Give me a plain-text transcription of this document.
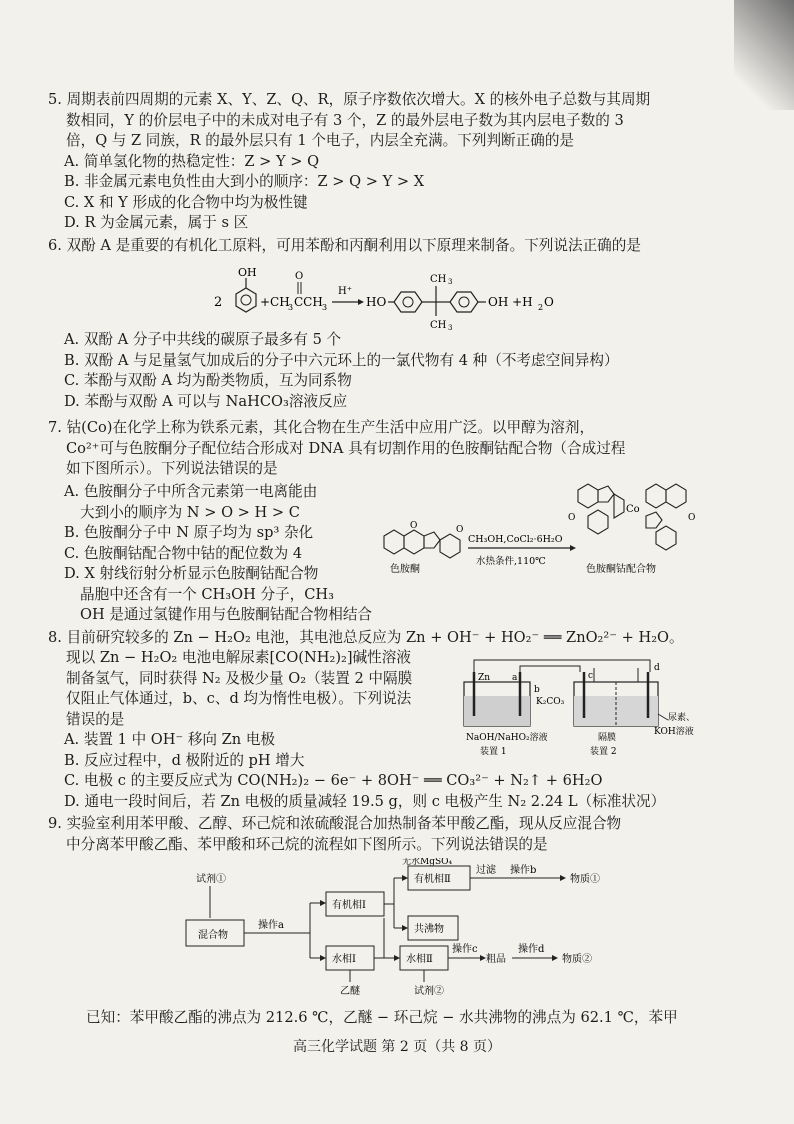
5. 周期表前四周期的元素 X、Y、Z、Q、R，原子序数依次增大。X 的核外电子总数与其周期

数相同，Y 的价层电子中的未成对电子有 3 个，Z 的最外层电子数为其内层电子数的 3

倍，Q 与 Z 同族，R 的最外层只有 1 个电子，内层全充满。下列判断正确的是

A. 简单氢化物的热稳定性：Z > Y > Q

B. 非金属元素电负性由大到小的顺序：Z > Q > Y > X

C. X 和 Y 形成的化合物中均为极性键

D. R 为金属元素，属于 s 区

6. 双酚 A 是重要的有机化工原料，可用苯酚和丙酮利用以下原理来制备。下列说法正确的是

2
OH
+CH
3 CCH 3
O
H⁺
HO
CH 3
CH 3
OH +H 2 O

A. 双酚 A 分子中共线的碳原子最多有 5 个

B. 双酚 A 与足量氢气加成后的分子中六元环上的一氯代物有 4 种（不考虑空间异构）

C. 苯酚与双酚 A 均为酚类物质，互为同系物

D. 苯酚与双酚 A 可以与 NaHCO₃溶液反应

7. 钴(Co)在化学上称为铁系元素，其化合物在生产生活中应用广泛。以甲醇为溶剂，

Co²⁺可与色胺酮分子配位结合形成对 DNA 具有切割作用的色胺酮钴配合物（合成过程

如下图所示）。下列说法错误的是

A. 色胺酮分子中所含元素第一电离能由

大到小的顺序为 N > O > H > C

B. 色胺酮分子中 N 原子均为 sp³ 杂化

C. 色胺酮钴配合物中钴的配位数为 4

D. X 射线衍射分析显示色胺酮钴配合物

晶胞中还含有一个 CH₃OH 分子，CH₃

OH 是通过氢键作用与色胺酮钴配合物相结合

O	O
色胺酮
CH₃OH,CoCl₂·6H₂O
水热条件,110℃
Co
O	O
色胺酮钴配合物

8. 目前研究较多的 Zn − H₂O₂ 电池，其电池总反应为 Zn + OH⁻ + HO₂⁻ ══ ZnO₂²⁻ + H₂O。

现以 Zn − H₂O₂ 电池电解尿素[CO(NH₂)₂]碱性溶液

制备氢气，同时获得 N₂ 及极少量 O₂（装置 2 中隔膜

仅阻止气体通过，b、c、d 均为惰性电极）。下列说法

错误的是

A. 装置 1 中 OH⁻ 移向 Zn 电极

B. 反应过程中，d 极附近的 pH 增大

C. 电极 c 的主要反应式为 CO(NH₂)₂ − 6e⁻ + 8OH⁻ ══ CO₃²⁻ + N₂↑ + 6H₂O

D. 通电一段时间后，若 Zn 电极的质量减轻 19.5 g，则 c 电极产生 N₂ 2.24 L（标准状况）

Zn a
NaOH/NaHO₂溶液
装置 1
b
K₂CO₃
c
d
隔膜
装置 2
尿素、
KOH溶液

9. 实验室利用苯甲酸、乙醇、环己烷和浓硫酸混合加热制备苯甲酸乙酯，现从反应混合物

中分离苯甲酸乙酯、苯甲酸和环己烷的流程如下图所示。下列说法错误的是

试剂①
混合物
操作a
有机相Ⅰ
无水MgSO₄
有机相Ⅱ
过滤 操作b
物质①
共沸物
水相Ⅰ
乙醚
水相Ⅱ
试剂②
操作c
粗品
操作d
物质②

已知：苯甲酸乙酯的沸点为 212.6 ℃，乙醚 − 环己烷 − 水共沸物的沸点为 62.1 ℃，苯甲

高三化学试题 第 2 页（共 8 页）
